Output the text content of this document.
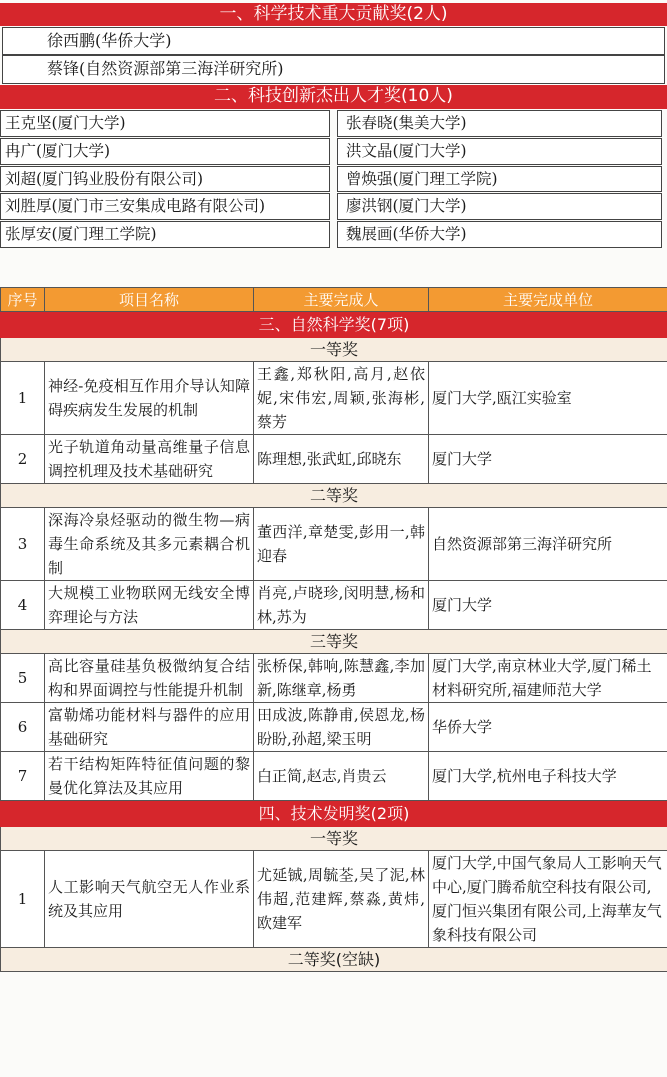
一、科学技术重大贡献奖(2人)
徐西鹏(华侨大学)
蔡锋(自然资源部第三海洋研究所)
二、科技创新杰出人才奖(10人)
王克坚(厦门大学)
冉广(厦门大学)
刘超(厦门钨业股份有限公司)
刘胜厚(厦门市三安集成电路有限公司)
张厚安(厦门理工学院)
张春晓(集美大学)
洪文晶(厦门大学)
曾焕强(厦门理工学院)
廖洪钢(厦门大学)
魏展画(华侨大学)
序号	项目名称	主要完成人	主要完成单位
三、自然科学奖(7项)			
一等奖			
1	神经-免疫相互作用介导认知障碍疾病发生发展的机制	王鑫,郑秋阳,高月,赵依妮,宋伟宏,周颖,张海彬,蔡芳	厦门大学,瓯江实验室
2	光子轨道角动量高维量子信息调控机理及技术基础研究	陈理想,张武虹,邱晓东	厦门大学
二等奖			
3	深海冷泉烃驱动的微生物—病毒生命系统及其多元素耦合机制	董西洋,章楚雯,彭用一,韩迎春	自然资源部第三海洋研究所
4	大规模工业物联网无线安全博弈理论与方法	肖亮,卢晓珍,闵明慧,杨和林,苏为	厦门大学
三等奖			
5	高比容量硅基负极微纳复合结构和界面调控与性能提升机制	张桥保,韩响,陈慧鑫,李加新,陈继章,杨勇	厦门大学,南京林业大学,厦门稀土材料研究所,福建师范大学
6	富勒烯功能材料与器件的应用基础研究	田成波,陈静甫,侯恩龙,杨盼盼,孙超,梁玉明	华侨大学
7	若干结构矩阵特征值问题的黎曼优化算法及其应用	白正简,赵志,肖贵云	厦门大学,杭州电子科技大学
四、技术发明奖(2项)			
一等奖			
1	人工影响天气航空无人作业系统及其应用	尤延铖,周毓荃,吴了泥,林伟超,范建辉,蔡淼,黄炜,欧建军	厦门大学,中国气象局人工影响天气中心,厦门腾希航空科技有限公司,厦门恒兴集团有限公司,上海華友气象科技有限公司
二等奖(空缺)			
